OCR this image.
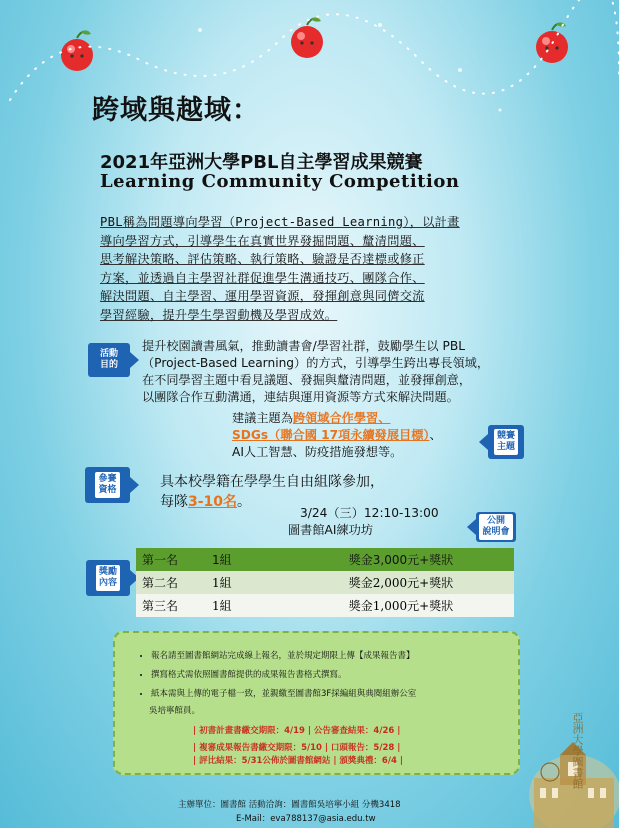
跨域與越域：
2021年亞洲大學PBL自主學習成果競賽
Learning Community Competition
PBL稱為問題導向學習（Project-Based Learning），以計畫
導向學習方式，引導學生在真實世界發掘問題、釐清問題、
思考解決策略、評估策略、執行策略、驗證是否達標或修正
方案，並透過自主學習社群促進學生溝通技巧、團隊合作、
解決問題、自主學習、運用學習資源，發揮創意與同儕交流
學習經驗，提升學生學習動機及學習成效。
活動
目的
提升校園讀書風氣，推動讀書會/學習社群，鼓勵學生以 PBL
（Project-Based Learning）的方式，引導學生跨出專長領域，
在不同學習主題中看見議題、發掘與釐清問題，並發揮創意，
以團隊合作互動溝通，連結與運用資源等方式來解決問題。
建議主題為跨領域合作學習、
SDGs（聯合國 17項永續發展目標）、
AI人工智慧、防疫措施發想等。
競賽
主題
參賽
資格	具本校學籍在學學生自由組隊參加，
每隊3-10名。
3/24（三）12:10-13:00
圖書館AI練功坊
公開
說明會
獎勵
內容
第一名	1組	獎金3,000元+獎狀
第二名	1組	獎金2,000元+獎狀
第三名	1組	獎金1,000元+獎狀
• 報名請至圖書館網站完成線上報名，並於規定期限上傳【成果報告書】
• 撰寫格式需依照圖書館提供的成果報告書格式撰寫。
• 紙本需與上傳的電子檔一致，並親繳至圖書館3F採編組與典閱組辦公室
吳培寧館員。
| 初書計畫書繳交期限：4/19 | 公告審查結果：4/26 |
| 複審成果報告書繳交期限：5/10 | 口頭報告：5/28 |
| 評比結果：5/31公佈於圖書館網站 | 頒獎典禮：6/4 |	亞洲大學圖書館
主辦單位：圖書館 活動洽詢：圖書館吳培寧小組 分機3418
E-Mail：eva788137@asia.edu.tw
